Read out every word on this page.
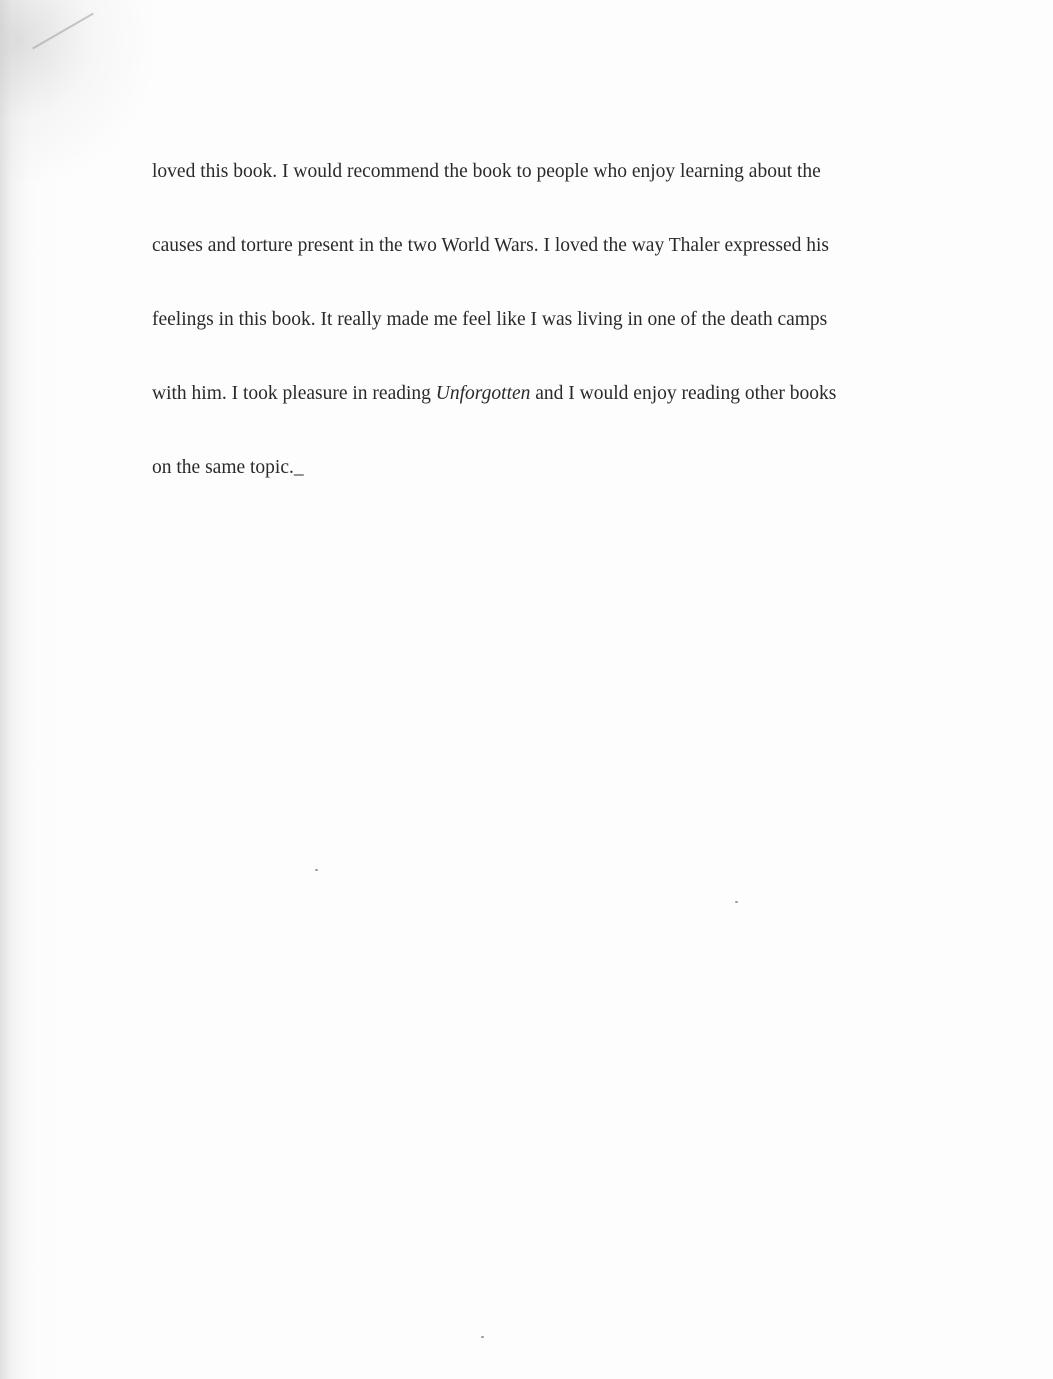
loved this book. I would recommend the book to people who enjoy learning about the

causes and torture present in the two World Wars. I loved the way Thaler expressed his

feelings in this book. It really made me feel like I was living in one of the death camps

with him. I took pleasure in reading Unforgotten and I would enjoy reading other books

on the same topic._
